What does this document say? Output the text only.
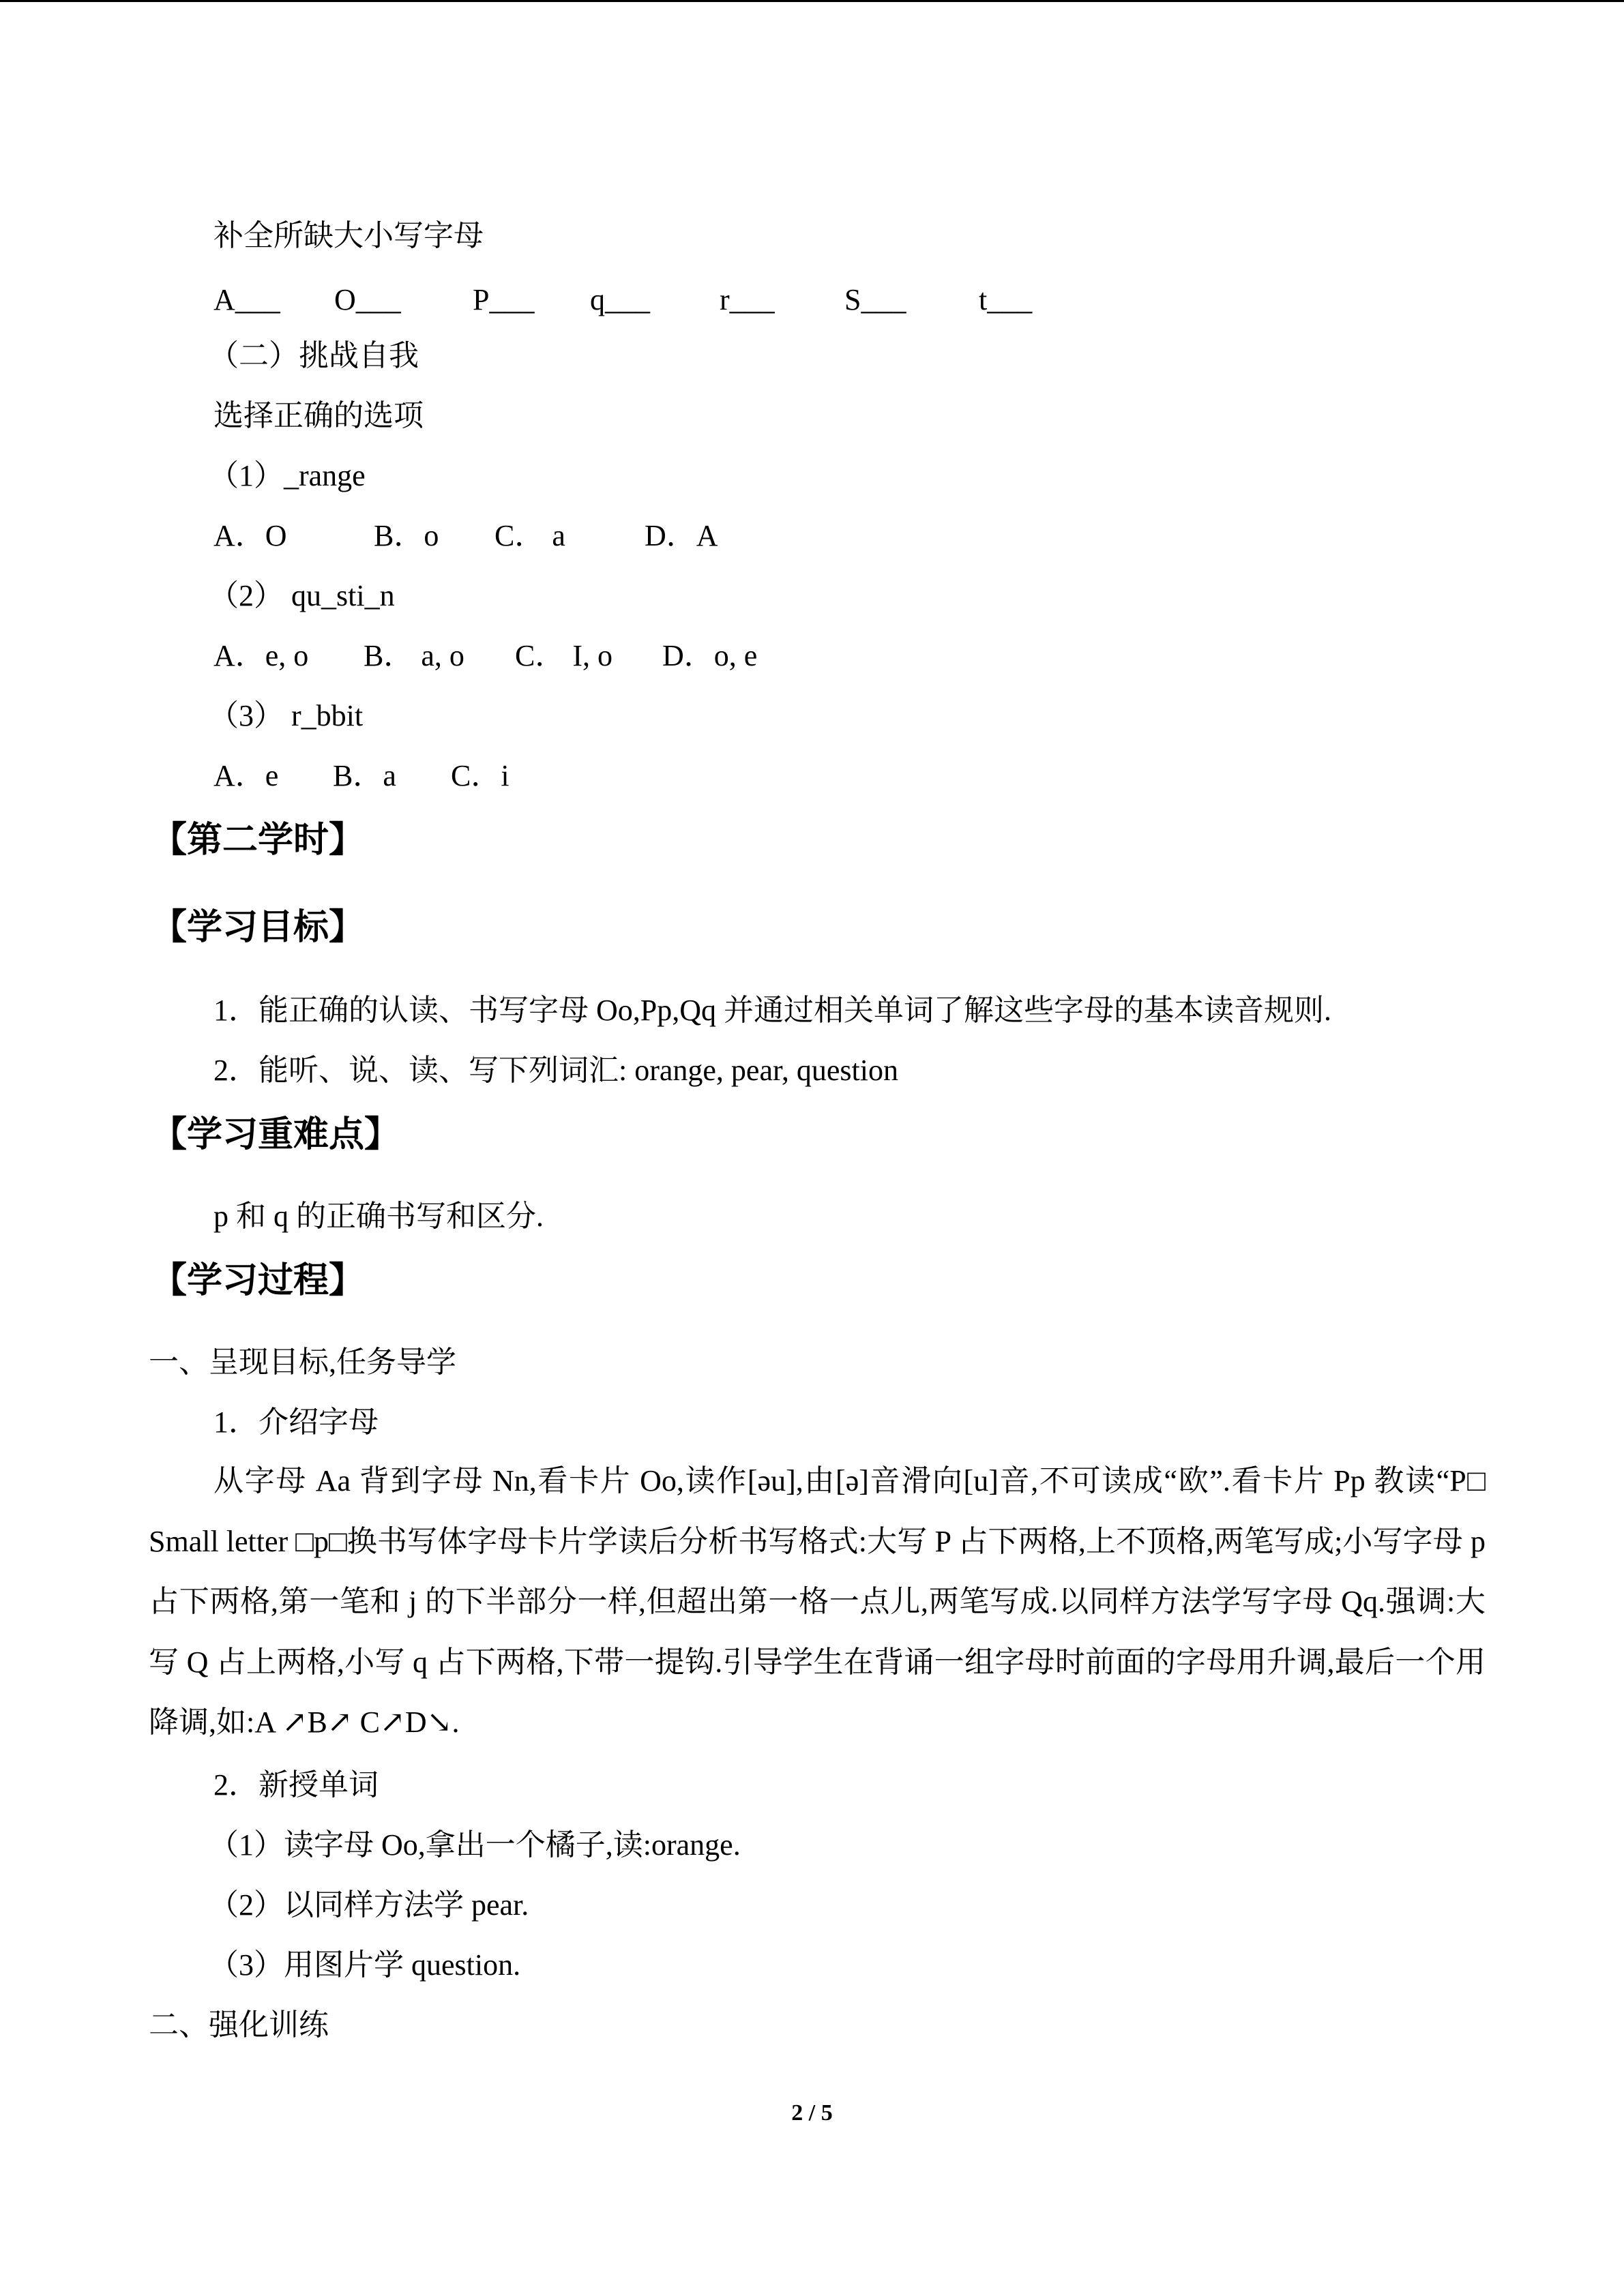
补全所缺大小写字母
A___ O___ P___ q___ r___ S___ t___
（二）挑战自我
选择正确的选项
（1）_range
A．O	B．o C． a	D．A
（2） qu_sti_n
A．e, o B． a, o C． I, o D．o, e
（3） r_bbit
A．e B．a C．i
【第二学时】
【学习目标】
1．能正确的认读、书写字母 Oo,Pp,Qq 并通过相关单词了解这些字母的基本读音规则.
2．能听、说、读、写下列词汇: orange, pear, question
【学习重难点】
p 和 q 的正确书写和区分.
【学习过程】
一、呈现目标,任务导学
1．介绍字母
从字母 Aa 背到字母 Nn,看卡片 Oo,读作[əu],由[ə]音滑向[u]音,不可读成“欧”.看卡片 Pp 教读“P□ Small letter □p□换书写体字母卡片学读后分析书写格式:大写 P 占下两格,上不顶格,两笔写成;小写字母 p 占下两格,第一笔和 j 的下半部分一样,但超出第一格一点儿,两笔写成.以同样方法学写字母 Qq.强调:大写 Q 占上两格,小写 q 占下两格,下带一提钩.引导学生在背诵一组字母时前面的字母用升调,最后一个用降调,如:A ↗B↗ C↗D↘.
2．新授单词
（1）读字母 Oo,拿出一个橘子,读:orange.
（2）以同样方法学 pear.
（3）用图片学 question.
二、强化训练
2 / 5
